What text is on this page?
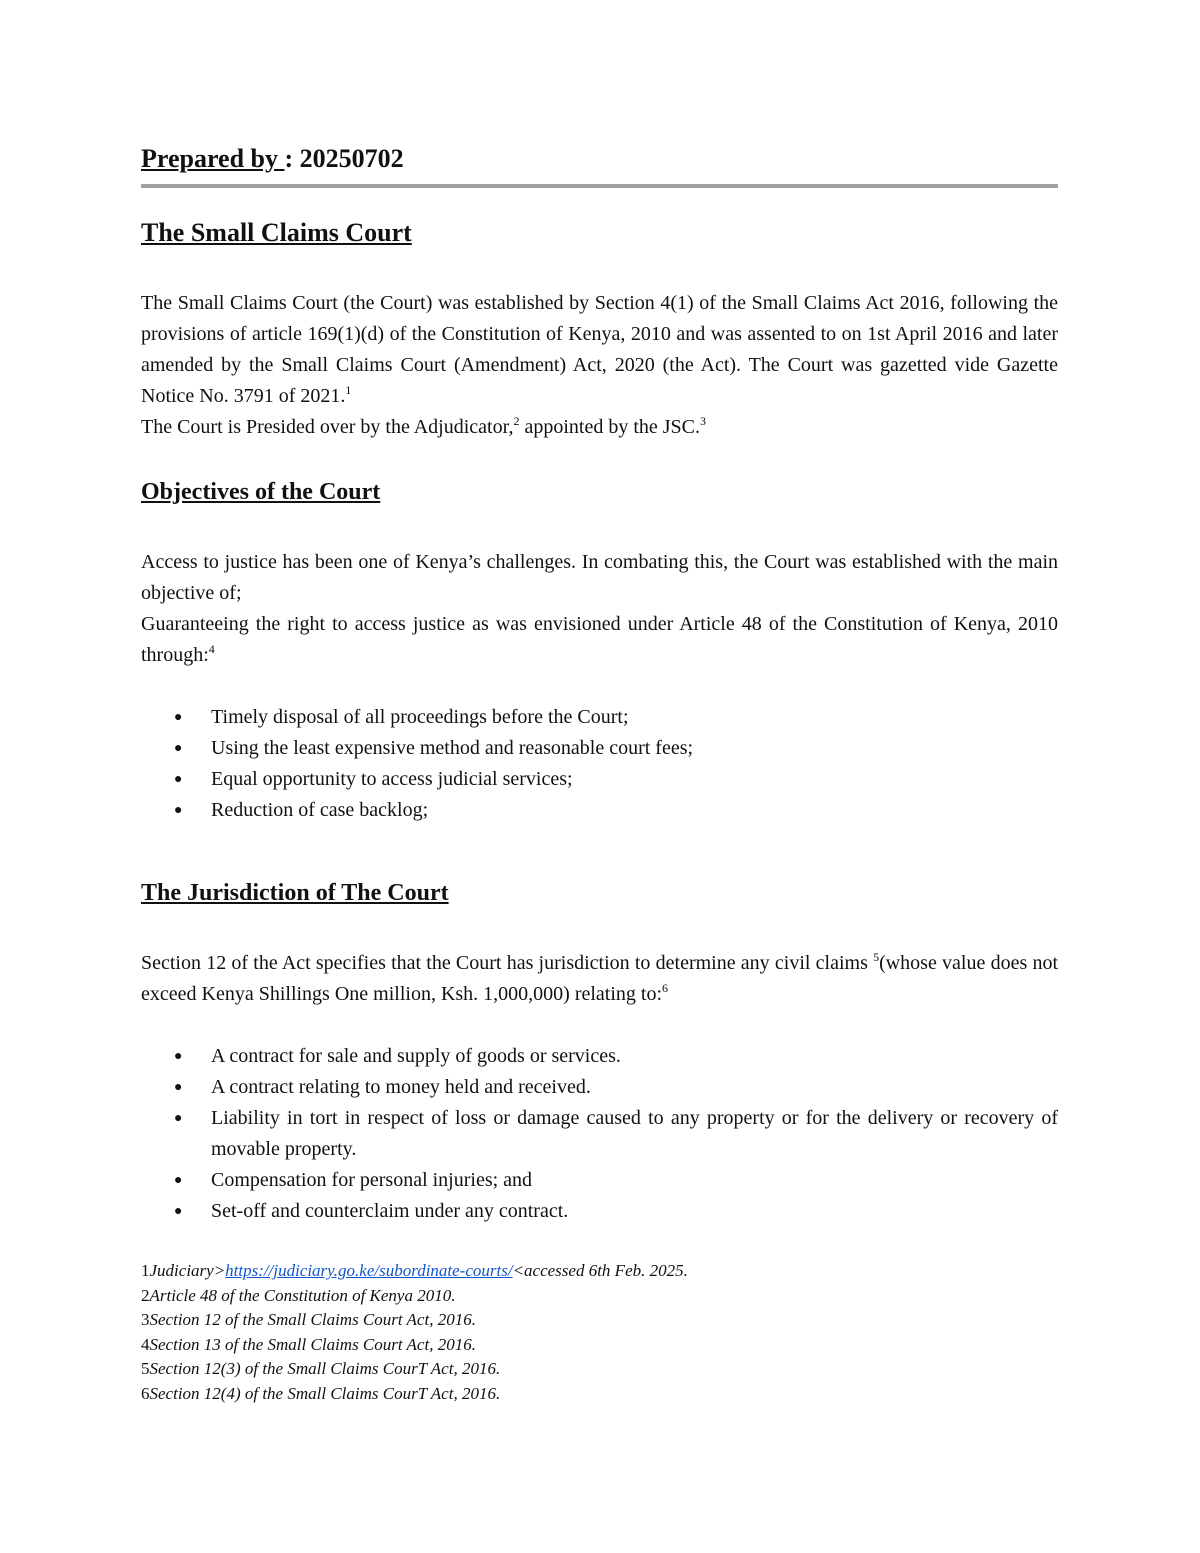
Prepared by : 20250702
The Small Claims Court

The Small Claims Court (the Court) was established by Section 4(1) of the Small Claims Act 2016, following the provisions of article 169(1)(d) of the Constitution of Kenya, 2010 and was assented to on 1st April 2016 and later amended by the Small Claims Court (Amendment) Act, 2020 (the Act). The Court was gazetted vide Gazette Notice No. 3791 of 2021.$^1$

The Court is Presided over by the Adjudicator,$^2$ appointed by the JSC.$^3$

Objectives of the Court

Access to justice has been one of Kenya’s challenges. In combating this, the Court was established with the main objective of;

Guaranteeing the right to access justice as was envisioned under Article 48 of the Constitution of Kenya, 2010 through:$^4$

● Timely disposal of all proceedings before the Court;
● Using the least expensive method and reasonable court fees;
● Equal opportunity to access judicial services;
● Reduction of case backlog;
The Jurisdiction of The Court

Section 12 of the Act specifies that the Court has jurisdiction to determine any civil claims $^5$(whose value does not exceed Kenya Shillings One million, Ksh. 1,000,000) relating to:$^6$

● A contract for sale and supply of goods or services.
● A contract relating to money held and received.
● Liability in tort in respect of loss or damage caused to any property or for the delivery or recovery of movable property.
● Compensation for personal injuries; and
● Set-off and counterclaim under any contract.
1Judiciary>https://judiciary.go.ke/subordinate-courts/<accessed 6th Feb. 2025.
2Article 48 of the Constitution of Kenya 2010.
3Section 12 of the Small Claims Court Act, 2016.
4Section 13 of the Small Claims Court Act, 2016.
5Section 12(3) of the Small Claims CourT Act, 2016.
6Section 12(4) of the Small Claims CourT Act, 2016.
